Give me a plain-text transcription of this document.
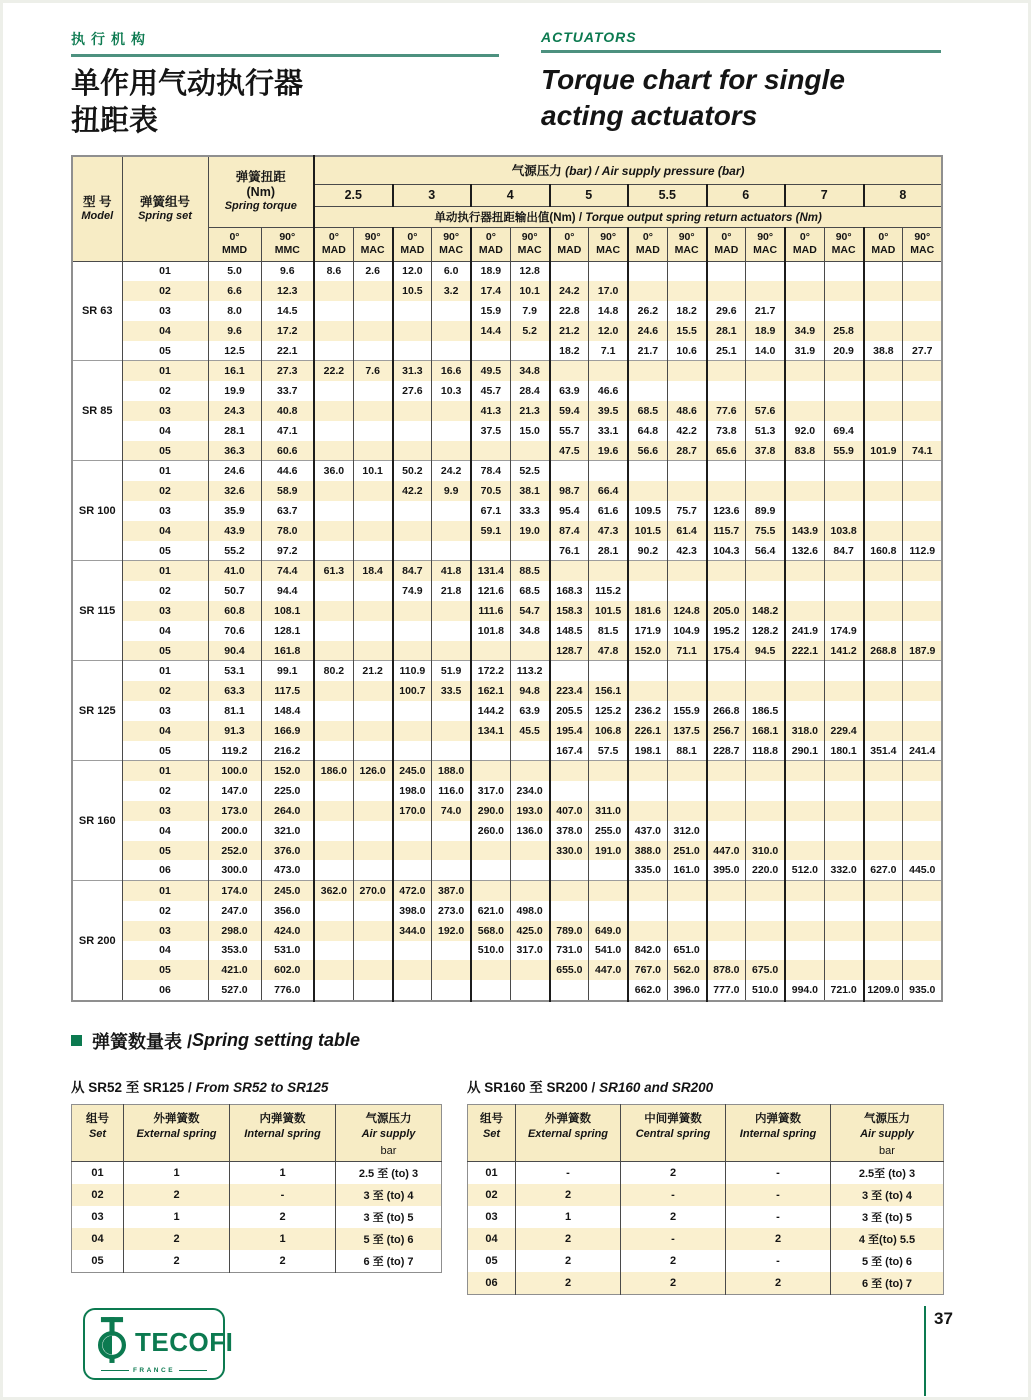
执行机构
单作用气动执行器
扭距表
ACTUATORS
Torque chart for single
acting actuators
型 号
Model

弹簧组号
Spring set

弹簧扭距
(Nm)
Spring torque
	气源压力 (bar) / Air supply pressure (bar)
				2.5		3		4		5		5.5		6		7		8	
				单动执行器扭距输出值(Nm) / Torque output spring return actuators (Nm)															

0°
MMD

90°
MMC

0°
MAD

90°
MAC

0°
MAD

90°
MAC

0°
MAD

90°
MAC

0°
MAD

90°
MAC

0°
MAD

90°
MAC

0°
MAD

90°
MAC

0°
MAD

90°
MAC

0°
MAD

90°
MAC

SR 63	01	5.0	9.6	8.6	2.6	12.0	6.0	18.9	12.8										
	02	6.6	12.3			10.5	3.2	17.4	10.1	24.2	17.0								
	03	8.0	14.5					15.9	7.9	22.8	14.8	26.2	18.2	29.6	21.7				
	04	9.6	17.2					14.4	5.2	21.2	12.0	24.6	15.5	28.1	18.9	34.9	25.8		
	05	12.5	22.1							18.2	7.1	21.7	10.6	25.1	14.0	31.9	20.9	38.8	27.7
SR 85	01	16.1	27.3	22.2	7.6	31.3	16.6	49.5	34.8										
	02	19.9	33.7			27.6	10.3	45.7	28.4	63.9	46.6								
	03	24.3	40.8					41.3	21.3	59.4	39.5	68.5	48.6	77.6	57.6				
	04	28.1	47.1					37.5	15.0	55.7	33.1	64.8	42.2	73.8	51.3	92.0	69.4		
	05	36.3	60.6							47.5	19.6	56.6	28.7	65.6	37.8	83.8	55.9	101.9	74.1
SR 100	01	24.6	44.6	36.0	10.1	50.2	24.2	78.4	52.5										
	02	32.6	58.9			42.2	9.9	70.5	38.1	98.7	66.4								
	03	35.9	63.7					67.1	33.3	95.4	61.6	109.5	75.7	123.6	89.9				
	04	43.9	78.0					59.1	19.0	87.4	47.3	101.5	61.4	115.7	75.5	143.9	103.8		
	05	55.2	97.2							76.1	28.1	90.2	42.3	104.3	56.4	132.6	84.7	160.8	112.9
SR 115	01	41.0	74.4	61.3	18.4	84.7	41.8	131.4	88.5										
	02	50.7	94.4			74.9	21.8	121.6	68.5	168.3	115.2								
	03	60.8	108.1					111.6	54.7	158.3	101.5	181.6	124.8	205.0	148.2				
	04	70.6	128.1					101.8	34.8	148.5	81.5	171.9	104.9	195.2	128.2	241.9	174.9		
	05	90.4	161.8							128.7	47.8	152.0	71.1	175.4	94.5	222.1	141.2	268.8	187.9
SR 125	01	53.1	99.1	80.2	21.2	110.9	51.9	172.2	113.2										
	02	63.3	117.5			100.7	33.5	162.1	94.8	223.4	156.1								
	03	81.1	148.4					144.2	63.9	205.5	125.2	236.2	155.9	266.8	186.5				
	04	91.3	166.9					134.1	45.5	195.4	106.8	226.1	137.5	256.7	168.1	318.0	229.4		
	05	119.2	216.2							167.4	57.5	198.1	88.1	228.7	118.8	290.1	180.1	351.4	241.4
SR 160	01	100.0	152.0	186.0	126.0	245.0	188.0												
	02	147.0	225.0			198.0	116.0	317.0	234.0										
	03	173.0	264.0			170.0	74.0	290.0	193.0	407.0	311.0								
	04	200.0	321.0					260.0	136.0	378.0	255.0	437.0	312.0						
	05	252.0	376.0							330.0	191.0	388.0	251.0	447.0	310.0				
	06	300.0	473.0									335.0	161.0	395.0	220.0	512.0	332.0	627.0	445.0
SR 200	01	174.0	245.0	362.0	270.0	472.0	387.0												
	02	247.0	356.0			398.0	273.0	621.0	498.0										
	03	298.0	424.0			344.0	192.0	568.0	425.0	789.0	649.0								
	04	353.0	531.0					510.0	317.0	731.0	541.0	842.0	651.0						
	05	421.0	602.0							655.0	447.0	767.0	562.0	878.0	675.0				
	06	527.0	776.0									662.0	396.0	777.0	510.0	994.0	721.0	1209.0	935.0
弹簧数量表 / Spring setting table
从 SR52 至 SR125 / From SR52 to SR125
组号
Set

外弹簧数
External spring

内弹簧数
Internal spring

气源压力
Air supply
bar

01	1	1	2.5 至 (to) 3
02	2	-	3 至 (to) 4
03	1	2	3 至 (to) 5
04	2	1	5 至 (to) 6
05	2	2	6 至 (to) 7
从 SR160 至 SR200 / SR160 and SR200
组号
Set

外弹簧数
External spring

中间弹簧数
Central spring

内弹簧数
Internal spring

气源压力
Air supply
bar

01	-	2	-	2.5至 (to) 3
02	2	-	-	3 至 (to) 4
03	1	2	-	3 至 (to) 5
04	2	-	2	4 至(to) 5.5
05	2	2	-	5 至 (to) 6
06	2	2	2	6 至 (to) 7
TECOFI
FRANCE
37
